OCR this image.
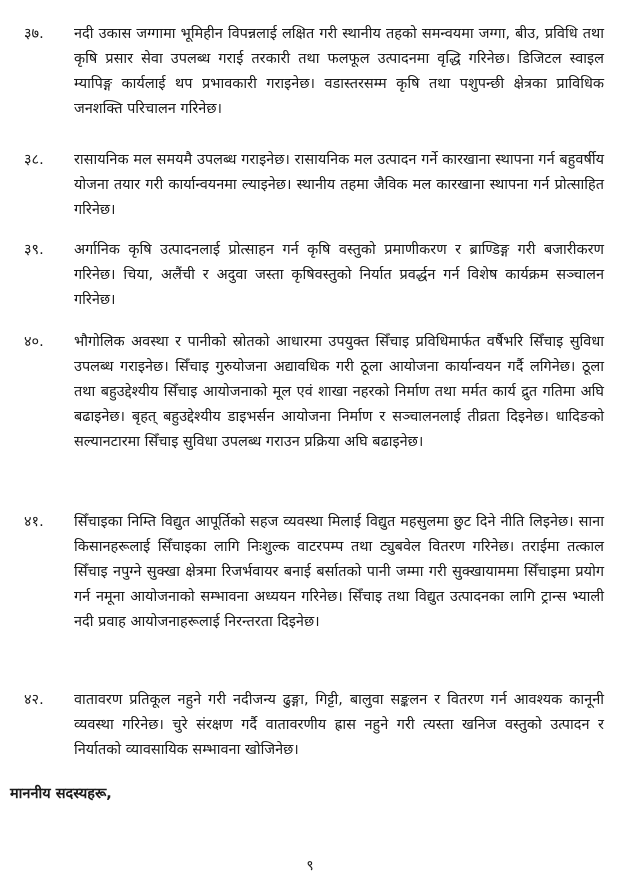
३७. नदी उकास जग्गामा भूमिहीन विपन्नलाई लक्षित गरी स्थानीय तहको समन्वयमा जग्गा, बीउ, प्रविधि तथा कृषि प्रसार सेवा उपलब्ध गराई तरकारी तथा फलफूल उत्पादनमा वृद्धि गरिनेछ। डिजिटल स्वाइल म्यापिङ्ग कार्यलाई थप प्रभावकारी गराइनेछ। वडास्तरसम्म कृषि तथा पशुपन्छी क्षेत्रका प्राविधिक जनशक्ति परिचालन गरिनेछ।
३८. रासायनिक मल समयमै उपलब्ध गराइनेछ। रासायनिक मल उत्पादन गर्ने कारखाना स्थापना गर्न बहुवर्षीय योजना तयार गरी कार्यान्वयनमा ल्याइनेछ। स्थानीय तहमा जैविक मल कारखाना स्थापना गर्न प्रोत्साहित गरिनेछ।
३९. अर्गानिक कृषि उत्पादनलाई प्रोत्साहन गर्न कृषि वस्तुको प्रमाणीकरण र ब्राण्डिङ्ग गरी बजारीकरण गरिनेछ। चिया, अलैंची र अदुवा जस्ता कृषिवस्तुको निर्यात प्रवर्द्धन गर्न विशेष कार्यक्रम सञ्चालन गरिनेछ।
४०. भौगोलिक अवस्था र पानीको स्रोतको आधारमा उपयुक्त सिँचाइ प्रविधिमार्फत वर्षैभरि सिँचाइ सुविधा उपलब्ध गराइनेछ। सिँचाइ गुरुयोजना अद्यावधिक गरी ठूला आयोजना कार्यान्वयन गर्दै लगिनेछ। ठूला तथा बहुउद्देश्यीय सिँचाइ आयोजनाको मूल एवं शाखा नहरको निर्माण तथा मर्मत कार्य द्रुत गतिमा अघि बढाइनेछ। बृहत् बहुउद्देश्यीय डाइभर्सन आयोजना निर्माण र सञ्चालनलाई तीव्रता दिइनेछ। धादिङको सल्यानटारमा सिँचाइ सुविधा उपलब्ध गराउन प्रक्रिया अघि बढाइनेछ।
४१. सिँचाइका निम्ति विद्युत आपूर्तिको सहज व्यवस्था मिलाई विद्युत महसुलमा छुट दिने नीति लिइनेछ। साना किसानहरूलाई सिँचाइका लागि निःशुल्क वाटरपम्प तथा ट्युबवेल वितरण गरिनेछ। तराईमा तत्काल सिँचाइ नपुग्ने सुक्खा क्षेत्रमा रिजर्भवायर बनाई बर्सातको पानी जम्मा गरी सुक्खायाममा सिँचाइमा प्रयोग गर्न नमूना आयोजनाको सम्भावना अध्ययन गरिनेछ। सिँचाइ तथा विद्युत उत्पादनका लागि ट्रान्स भ्याली नदी प्रवाह आयोजनाहरूलाई निरन्तरता दिइनेछ।
४२. वातावरण प्रतिकूल नहुने गरी नदीजन्य ढुङ्गा, गिट्टी, बालुवा सङ्कलन र वितरण गर्न आवश्यक कानूनी व्यवस्था गरिनेछ। चुरे संरक्षण गर्दै वातावरणीय ह्रास नहुने गरी त्यस्ता खनिज वस्तुको उत्पादन र निर्यातको व्यावसायिक सम्भावना खोजिनेछ।
माननीय सदस्यहरू,
९
